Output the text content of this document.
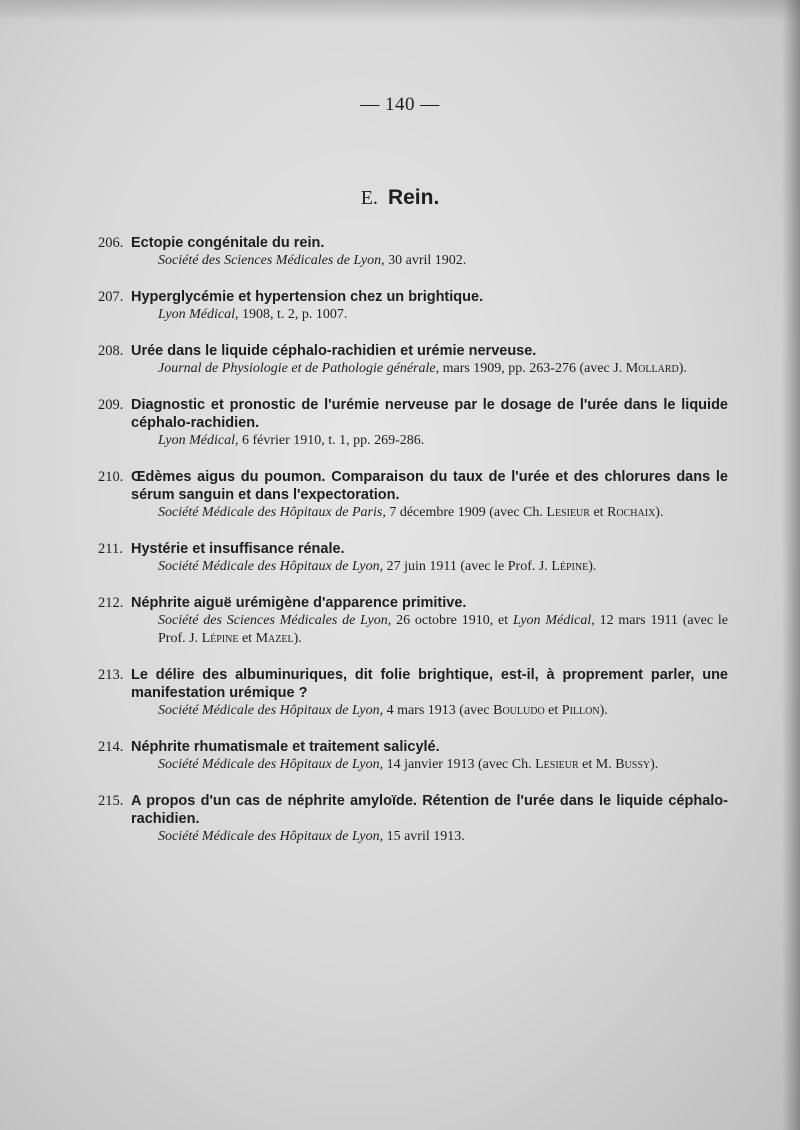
— 140 —
E. Rein.
206. Ectopie congénitale du rein.
Société des Sciences Médicales de Lyon, 30 avril 1902.
207. Hyperglycémie et hypertension chez un brightique.
Lyon Médical, 1908, t. 2, p. 1007.
208. Urée dans le liquide céphalo-rachidien et urémie nerveuse.
Journal de Physiologie et de Pathologie générale, mars 1909, pp. 263-276 (avec J. Mollard).
209. Diagnostic et pronostic de l'urémie nerveuse par le dosage de l'urée dans le liquide céphalo-rachidien.
Lyon Médical, 6 février 1910, t. 1, pp. 269-286.
210. Œdèmes aigus du poumon. Comparaison du taux de l'urée et des chlorures dans le sérum sanguin et dans l'expectoration.
Société Médicale des Hôpitaux de Paris, 7 décembre 1909 (avec Ch. Lesieur et Rochaix).
211. Hystérie et insuffisance rénale.
Société Médicale des Hôpitaux de Lyon, 27 juin 1911 (avec le Prof. J. Lépine).
212. Néphrite aiguë urémigène d'apparence primitive.
Société des Sciences Médicales de Lyon, 26 octobre 1910, et Lyon Médical, 12 mars 1911 (avec le Prof. J. Lépine et Mazel).
213. Le délire des albuminuriques, dit folie brightique, est-il, à proprement parler, une manifestation urémique ?
Société Médicale des Hôpitaux de Lyon, 4 mars 1913 (avec Bouludo et Pillon).
214. Néphrite rhumatismale et traitement salicylé.
Société Médicale des Hôpitaux de Lyon, 14 janvier 1913 (avec Ch. Lesieur et M. Bussy).
215. A propos d'un cas de néphrite amyloïde. Rétention de l'urée dans le liquide céphalo-rachidien.
Société Médicale des Hôpitaux de Lyon, 15 avril 1913.
